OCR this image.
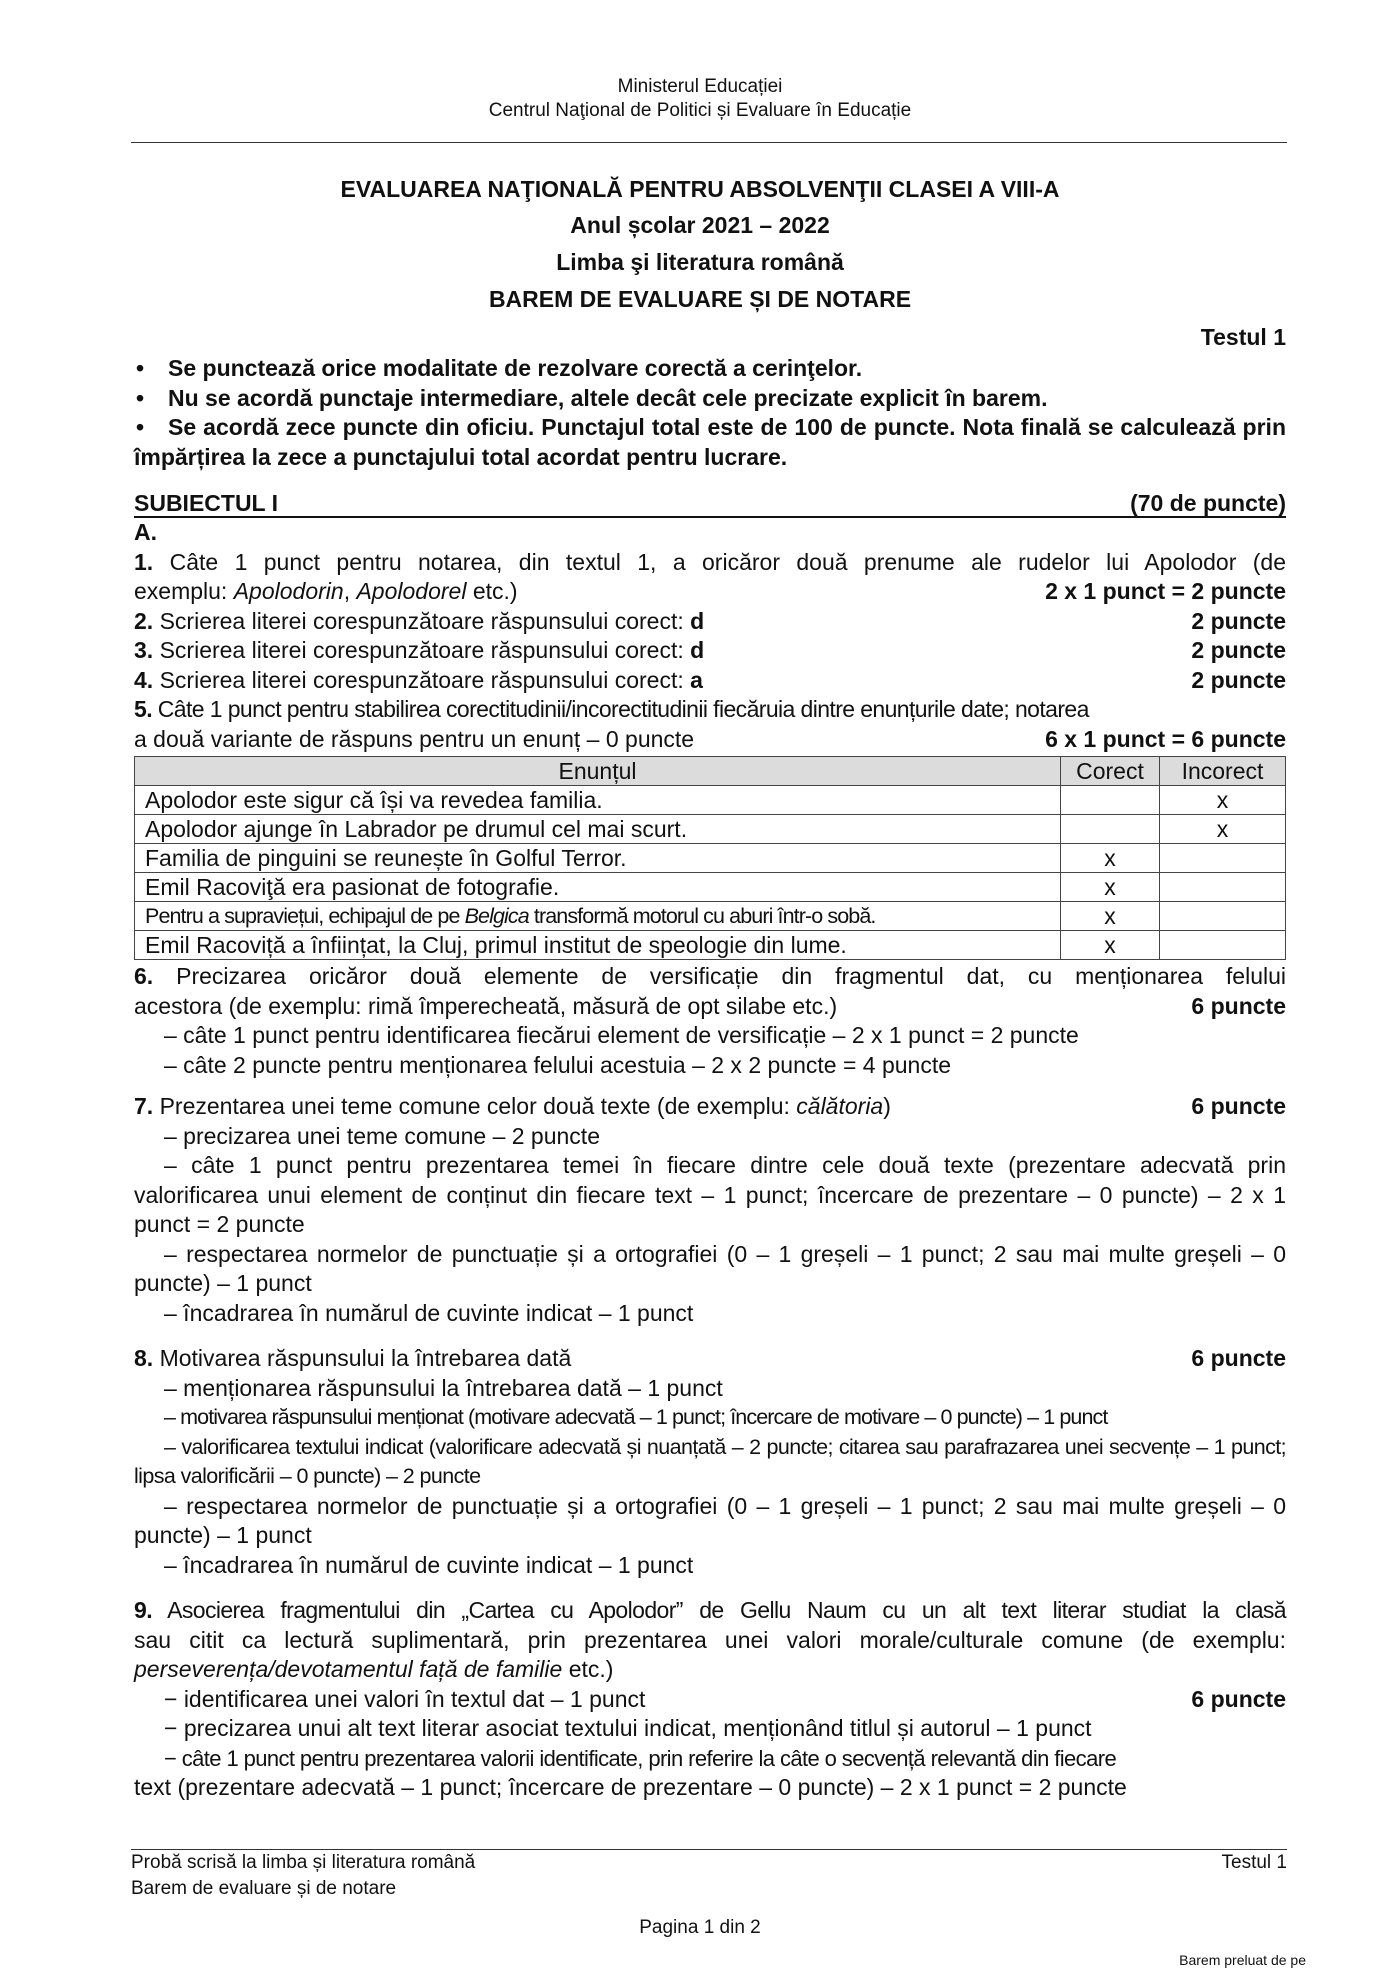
Ministerul Educației
Centrul Naţional de Politici și Evaluare în Educație
EVALUAREA NAŢIONALĂ PENTRU ABSOLVENŢII CLASEI A VIII-A
Anul școlar 2021 – 2022
Limba şi literatura română
BAREM DE EVALUARE ȘI DE NOTARE
Testul 1
• Se punctează orice modalitate de rezolvare corectă a cerinţelor.
• Nu se acordă punctaje intermediare, altele decât cele precizate explicit în barem.
• Se acordă zece puncte din oficiu. Punctajul total este de 100 de puncte. Nota finală se calculează prin împărțirea la zece a punctajului total acordat pentru lucrare.
SUBIECTUL I	(70 de puncte)
A.
1. Câte 1 punct pentru notarea, din textul 1, a oricăror două prenume ale rudelor lui Apolodor (de
exemplu: Apolodorin, Apolodorel etc.)	2 x 1 punct = 2 puncte
2. Scrierea literei corespunzătoare răspunsului corect: d	2 puncte
3. Scrierea literei corespunzătoare răspunsului corect: d	2 puncte
4. Scrierea literei corespunzătoare răspunsului corect: a	2 puncte
5. Câte 1 punct pentru stabilirea corectitudinii/incorectitudinii fiecăruia dintre enunțurile date; notarea
a două variante de răspuns pentru un enunț – 0 puncte	6 x 1 punct = 6 puncte
Enunțul	Corect	Incorect
Apolodor este sigur că își va revedea familia.		x
Apolodor ajunge în Labrador pe drumul cel mai scurt.		x
Familia de pinguini se reunește în Golful Terror.	x	
Emil Racoviţă era pasionat de fotografie.	x	
Pentru a supraviețui, echipajul de pe Belgica transformă motorul cu aburi într-o sobă.	x	
Emil Racoviță a înființat, la Cluj, primul institut de speologie din lume.	x	
6. Precizarea oricăror două elemente de versificație din fragmentul dat, cu menționarea felului
acestora (de exemplu: rimă împerecheată, măsură de opt silabe etc.)	6 puncte
– câte 1 punct pentru identificarea fiecărui element de versificație – 2 x 1 punct = 2 puncte
– câte 2 puncte pentru menționarea felului acestuia – 2 x 2 puncte = 4 puncte
7. Prezentarea unei teme comune celor două texte (de exemplu: călătoria)	6 puncte
– precizarea unei teme comune – 2 puncte
– câte 1 punct pentru prezentarea temei în fiecare dintre cele două texte (prezentare adecvată prin valorificarea unui element de conținut din fiecare text – 1 punct; încercare de prezentare – 0 puncte) – 2 x 1 punct = 2 puncte
– respectarea normelor de punctuație și a ortografiei (0 – 1 greșeli – 1 punct; 2 sau mai multe greșeli – 0 puncte) – 1 punct
– încadrarea în numărul de cuvinte indicat – 1 punct
8. Motivarea răspunsului la întrebarea dată	6 puncte
– menționarea răspunsului la întrebarea dată – 1 punct
– motivarea răspunsului menționat (motivare adecvată – 1 punct; încercare de motivare – 0 puncte) – 1 punct
– valorificarea textului indicat (valorificare adecvată și nuanțată – 2 puncte; citarea sau parafrazarea unei secvențe – 1 punct; lipsa valorificării – 0 puncte) – 2 puncte
– respectarea normelor de punctuație și a ortografiei (0 – 1 greșeli – 1 punct; 2 sau mai multe greșeli – 0 puncte) – 1 punct
– încadrarea în numărul de cuvinte indicat – 1 punct
9. Asocierea fragmentului din „Cartea cu Apolodor” de Gellu Naum cu un alt text literar studiat la clasă
sau citit ca lectură suplimentară, prin prezentarea unei valori morale/culturale comune (de exemplu:
perseverența/devotamentul față de familie etc.)
6 puncte
− identificarea unei valori în textul dat – 1 punct
− precizarea unui alt text literar asociat textului indicat, menționând titlul și autorul – 1 punct
− câte 1 punct pentru prezentarea valorii identificate, prin referire la câte o secvență relevantă din fiecare
text (prezentare adecvată – 1 punct; încercare de prezentare – 0 puncte) – 2 x 1 punct = 2 puncte
Probă scrisă la limba și literatura română	Testul 1
Barem de evaluare și de notare
Pagina 1 din 2
Barem preluat de pe
